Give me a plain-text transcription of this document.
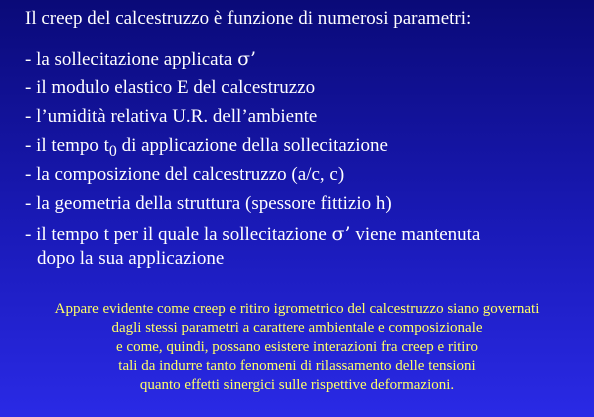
Il creep del calcestruzzo è funzione di numerosi parametri:
- la sollecitazione applicata σ’
- il modulo elastico E del calcestruzzo
- l’umidità relativa U.R. dell’ambiente
- il tempo $t_0$ di applicazione della sollecitazione
- la composizione del calcestruzzo (a/c, c)
- la geometria della struttura (spessore fittizio h)
- il tempo t per il quale la sollecitazione σ’ viene mantenuta
dopo la sua applicazione
Appare evidente come creep e ritiro igrometrico del calcestruzzo siano governati
dagli stessi parametri a carattere ambientale e composizionale
e come, quindi, possano esistere interazioni fra creep e ritiro
tali da indurre tanto fenomeni di rilassamento delle tensioni
quanto effetti sinergici sulle rispettive deformazioni.
